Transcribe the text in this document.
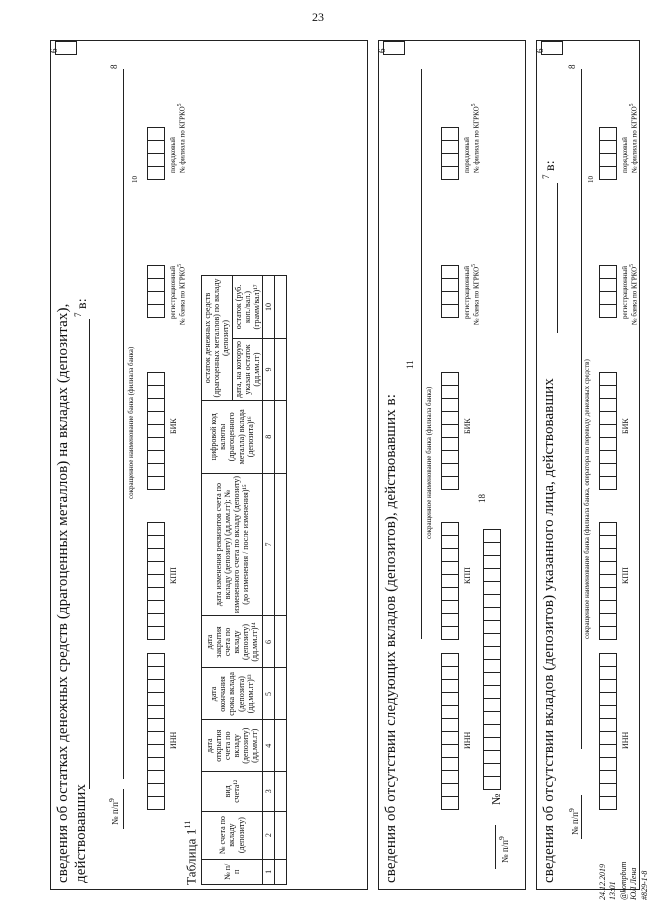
23
сведения об остатках денежных средств (драгоценных металлов) на вкладах (депозитах), действовавших
7
в:
6
№ $п/п^9$
8
сокращенное наименование банка (филиала банка)
10
ИНН
КПП
БИК
регистрационный № банка по КГРКО$^5$
порядковый № филиала по КГРКО$^5$
Таблица $1^{11}$
№ п/п	№ счета по вкладу (депозиту)	вид счета¹²	дата открытия счета по вкладу (депозиту) (дд.мм.гг)	дата окончания срока вклада (депозита) (дд.мм.гг)¹³	дата закрытия счета по вкладу (депозиту) (дд.мм.гг)¹⁴	дата изменения реквизитов счета по вкладу (депозиту) (дд.мм.гг); № измененного счета по вкладу (депозиту) (до изменения / после изменения)¹⁵	цифровой код валюты (драгоценного металла) вклада (депозита)¹⁶	остаток денежных средств (драгоценных металлов) по вкладу (депозиту)	
								дата, на которую указан остаток (дд.мм.гг)	остаток (руб. коп./вал.) (грамм/вал)¹⁷
1	2	3	4	5	6	7	8	9	10

сведения об отсутствии следующих вкладов (депозитов), действовавших в:
6
11
сокращенное наименование банка (филиала банка)
ИНН
КПП
БИК
регистрационный № банка по КГРКО$^5$
порядковый № филиала по КГРКО$^5$
№ $п/п^9$
№
18	сведения об отсутствии вкладов (депозитов) указанного лица, действовавших
7
в:
6
№ $п/п^9$
8
сокращенное наименование банка (филиала банка, оператора по переводу денежных средств)
10
ИНН
КПП
БИК
регистрационный № банка по КГРКО$^5$
порядковый № филиала по КГРКО$^5$
24.12.2019 13:01 @kompbum ЮЛ Лена #829-1-8
